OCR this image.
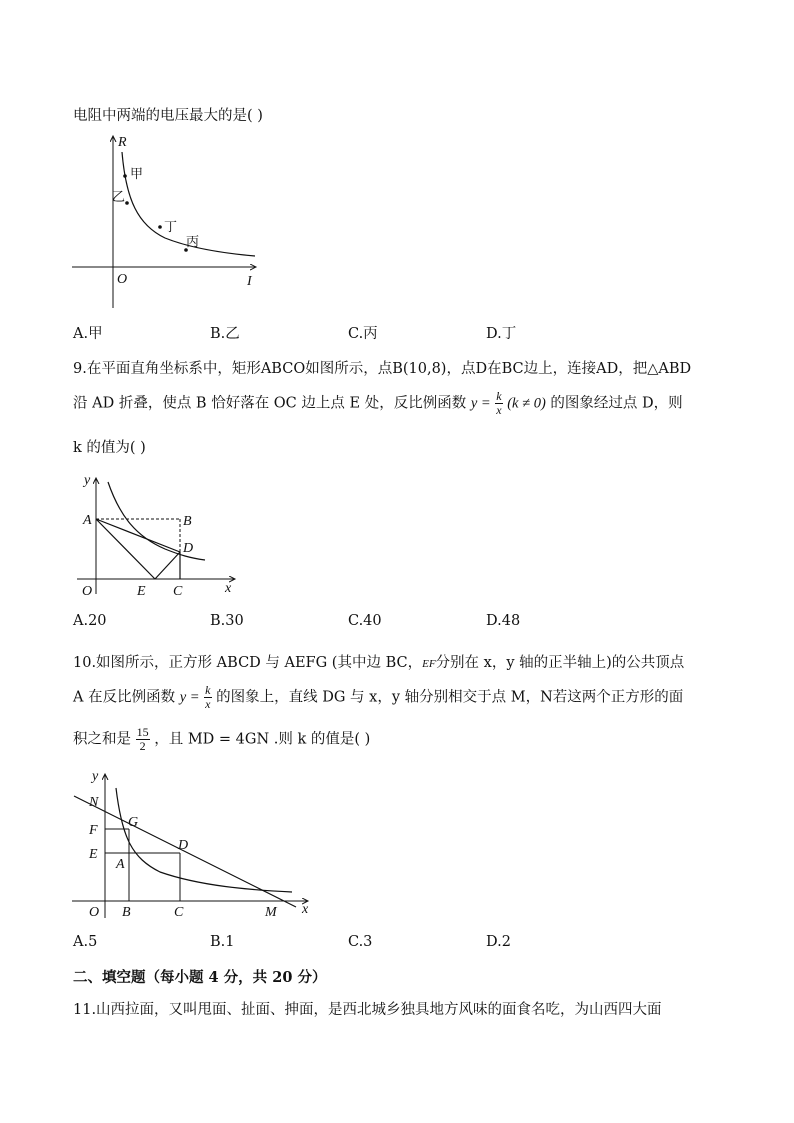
电阻中两端的电压最大的是( )
R
I
O
甲
乙
丁
丙
A.甲	B.乙	C.丙	D.丁
9.在平面直角坐标系中，矩形ABCO如图所示，点B(10,8)，点D在BC边上，连接AD，把△ABD
沿 AD 折叠，使点 B 恰好落在 OC 边上点 E 处，反比例函数 $y = \frac{k}{x} (k \ne 0)$ 的图象经过点 D，则
k 的值为( )
y
x
O
A	B
D
E C
A.20	B.30	C.40	D.48
10.如图所示，正方形 ABCD 与 AEFG (其中边 BC，EF分别在 x，y 轴的正半轴上)的公共顶点
A 在反比例函数 $y = \frac{k}{x}$ 的图象上，直线 DG 与 x，y 轴分别相交于点 M，N若这两个正方形的面
积之和是 $\frac{15}{2}$ ，且 MD = 4GN .则 k 的值是( )
y
x
O
N
F
E
G
A
D
B	C	M
A.5	B.1	C.3	D.2
二、填空题（每小题 4 分，共 20 分）
11.山西拉面，又叫甩面、扯面、抻面，是西北城乡独具地方风味的面食名吃，为山西四大面
